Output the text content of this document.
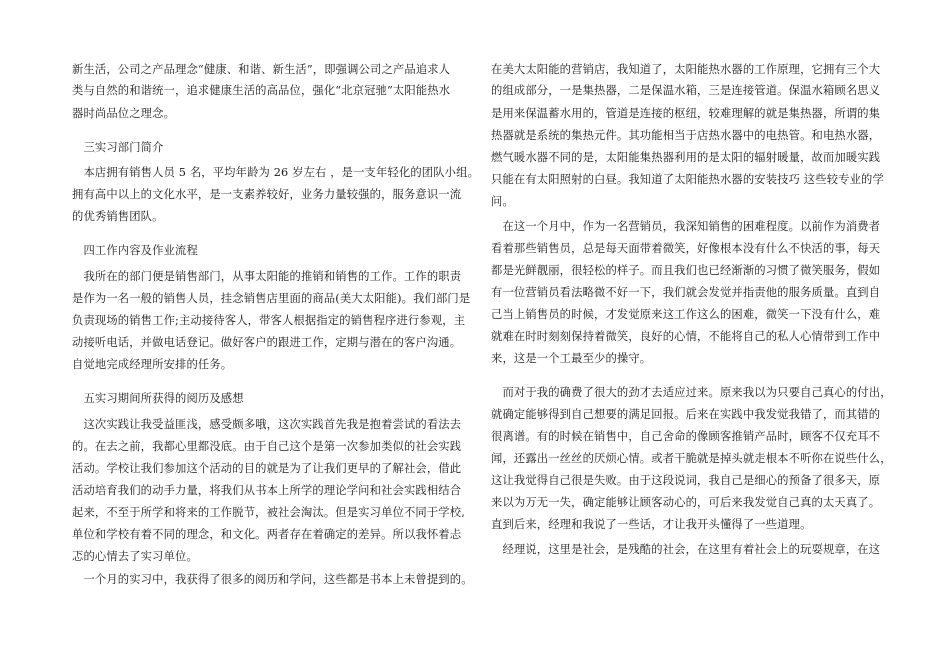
新生活，公司之产品理念“健康、和谐、新生活”，即强调公司之产品追求人
类与自然的和谐统一，追求健康生活的高品位，强化“北京冠驰”太阳能热水
器时尚品位之理念。
　三实习部门简介
　本店拥有销售人员 5 名，平均年龄为 26 岁左右 ，是一支年轻化的团队小组。
拥有高中以上的文化水平，是一支素养较好，业务力量较强的，服务意识一流
的优秀销售团队。
　四工作内容及作业流程
　我所在的部门便是销售部门，从事太阳能的推销和销售的工作。工作的职责
是作为一名一般的销售人员，挂念销售店里面的商品(美大太阳能)。我们部门是
负责现场的销售工作;主动接待客人，带客人根据指定的销售程序进行参观，主
动接听电话，并做电话登记。做好客户的跟进工作，定期与潜在的客户沟通。
自觉地完成经理所安排的任务。
　五实习期间所获得的阅历及感想
　这次实践让我受益匪浅，感受颇多哦，这次实践首先我是抱着尝试的看法去
的。在去之前，我都心里都没底。由于自己这个是第一次参加类似的社会实践
活动。学校让我们参加这个活动的目的就是为了让我们更早的了解社会，借此
活动培育我们的动手力量，将我们从书本上所学的理论学问和社会实践相结合
起来，不至于所学和将来的工作脱节，被社会淘汰。但是实习单位不同于学校,
单位和学校有着不同的理念，和文化。两者存在着确定的差异。所以我怀着忐
忑的心情去了实习单位。
　一个月的实习中，我获得了很多的阅历和学问，这些都是书本上未曾提到的。
在美大太阳能的营销店，我知道了，太阳能热水器的工作原理，它拥有三个大
的组成部分，一是集热器，二是保温水箱，三是连接管道。保温水箱顾名思义
是用来保温蓄水用的，管道是连接的枢纽，较难理解的就是集热器，所谓的集
热器就是系统的集热元件。其功能相当于店热水器中的电热管。和电热水器，
燃气暖水器不同的是，太阳能集热器利用的是太阳的辐射暖量，故而加暖实践
只能在有太阳照射的白昼。我知道了太阳能热水器的安装技巧 这些较专业的学
问。
　在这一个月中，作为一名营销员，我深知销售的困难程度。以前作为消费者
看着那些销售员，总是每天面带着微笑，好像根本没有什么不快活的事，每天
都是光鲜靓丽，很轻松的样子。而且我们也已经渐渐的习惯了微笑服务，假如
有一位营销员看法略微不好一下，我们就会发觉并指责他的服务质量。直到自
己当上销售员的时候，才发觉原来这工作这么的困难，微笑一下没有什么，难
就难在时时刻刻保持着微笑，良好的心情，不能将自己的私人心情带到工作中
来，这是一个工最至少的操守。
　而对于我的确费了很大的劲才去适应过来。原来我以为只要自己真心的付出，
就确定能够得到自己想要的满足回报。后来在实践中我发觉我错了，而其错的
很离谱。有的时候在销售中，自己舍命的像顾客推销产品时，顾客不仅充耳不
闻，还露出一丝丝的厌烦心情。或者干脆就是掉头就走根本不听你在说些什么，
这让我觉得自己很是失败。由于这段说词，我自己是细心的预备了很多天，原
来以为万无一失，确定能够让顾客动心的，可后来我发觉自己真的太天真了。
直到后来，经理和我说了一些话，才让我开头懂得了一些道理。
　经理说，这里是社会，是残酷的社会，在这里有着社会上的玩耍规章，在这
